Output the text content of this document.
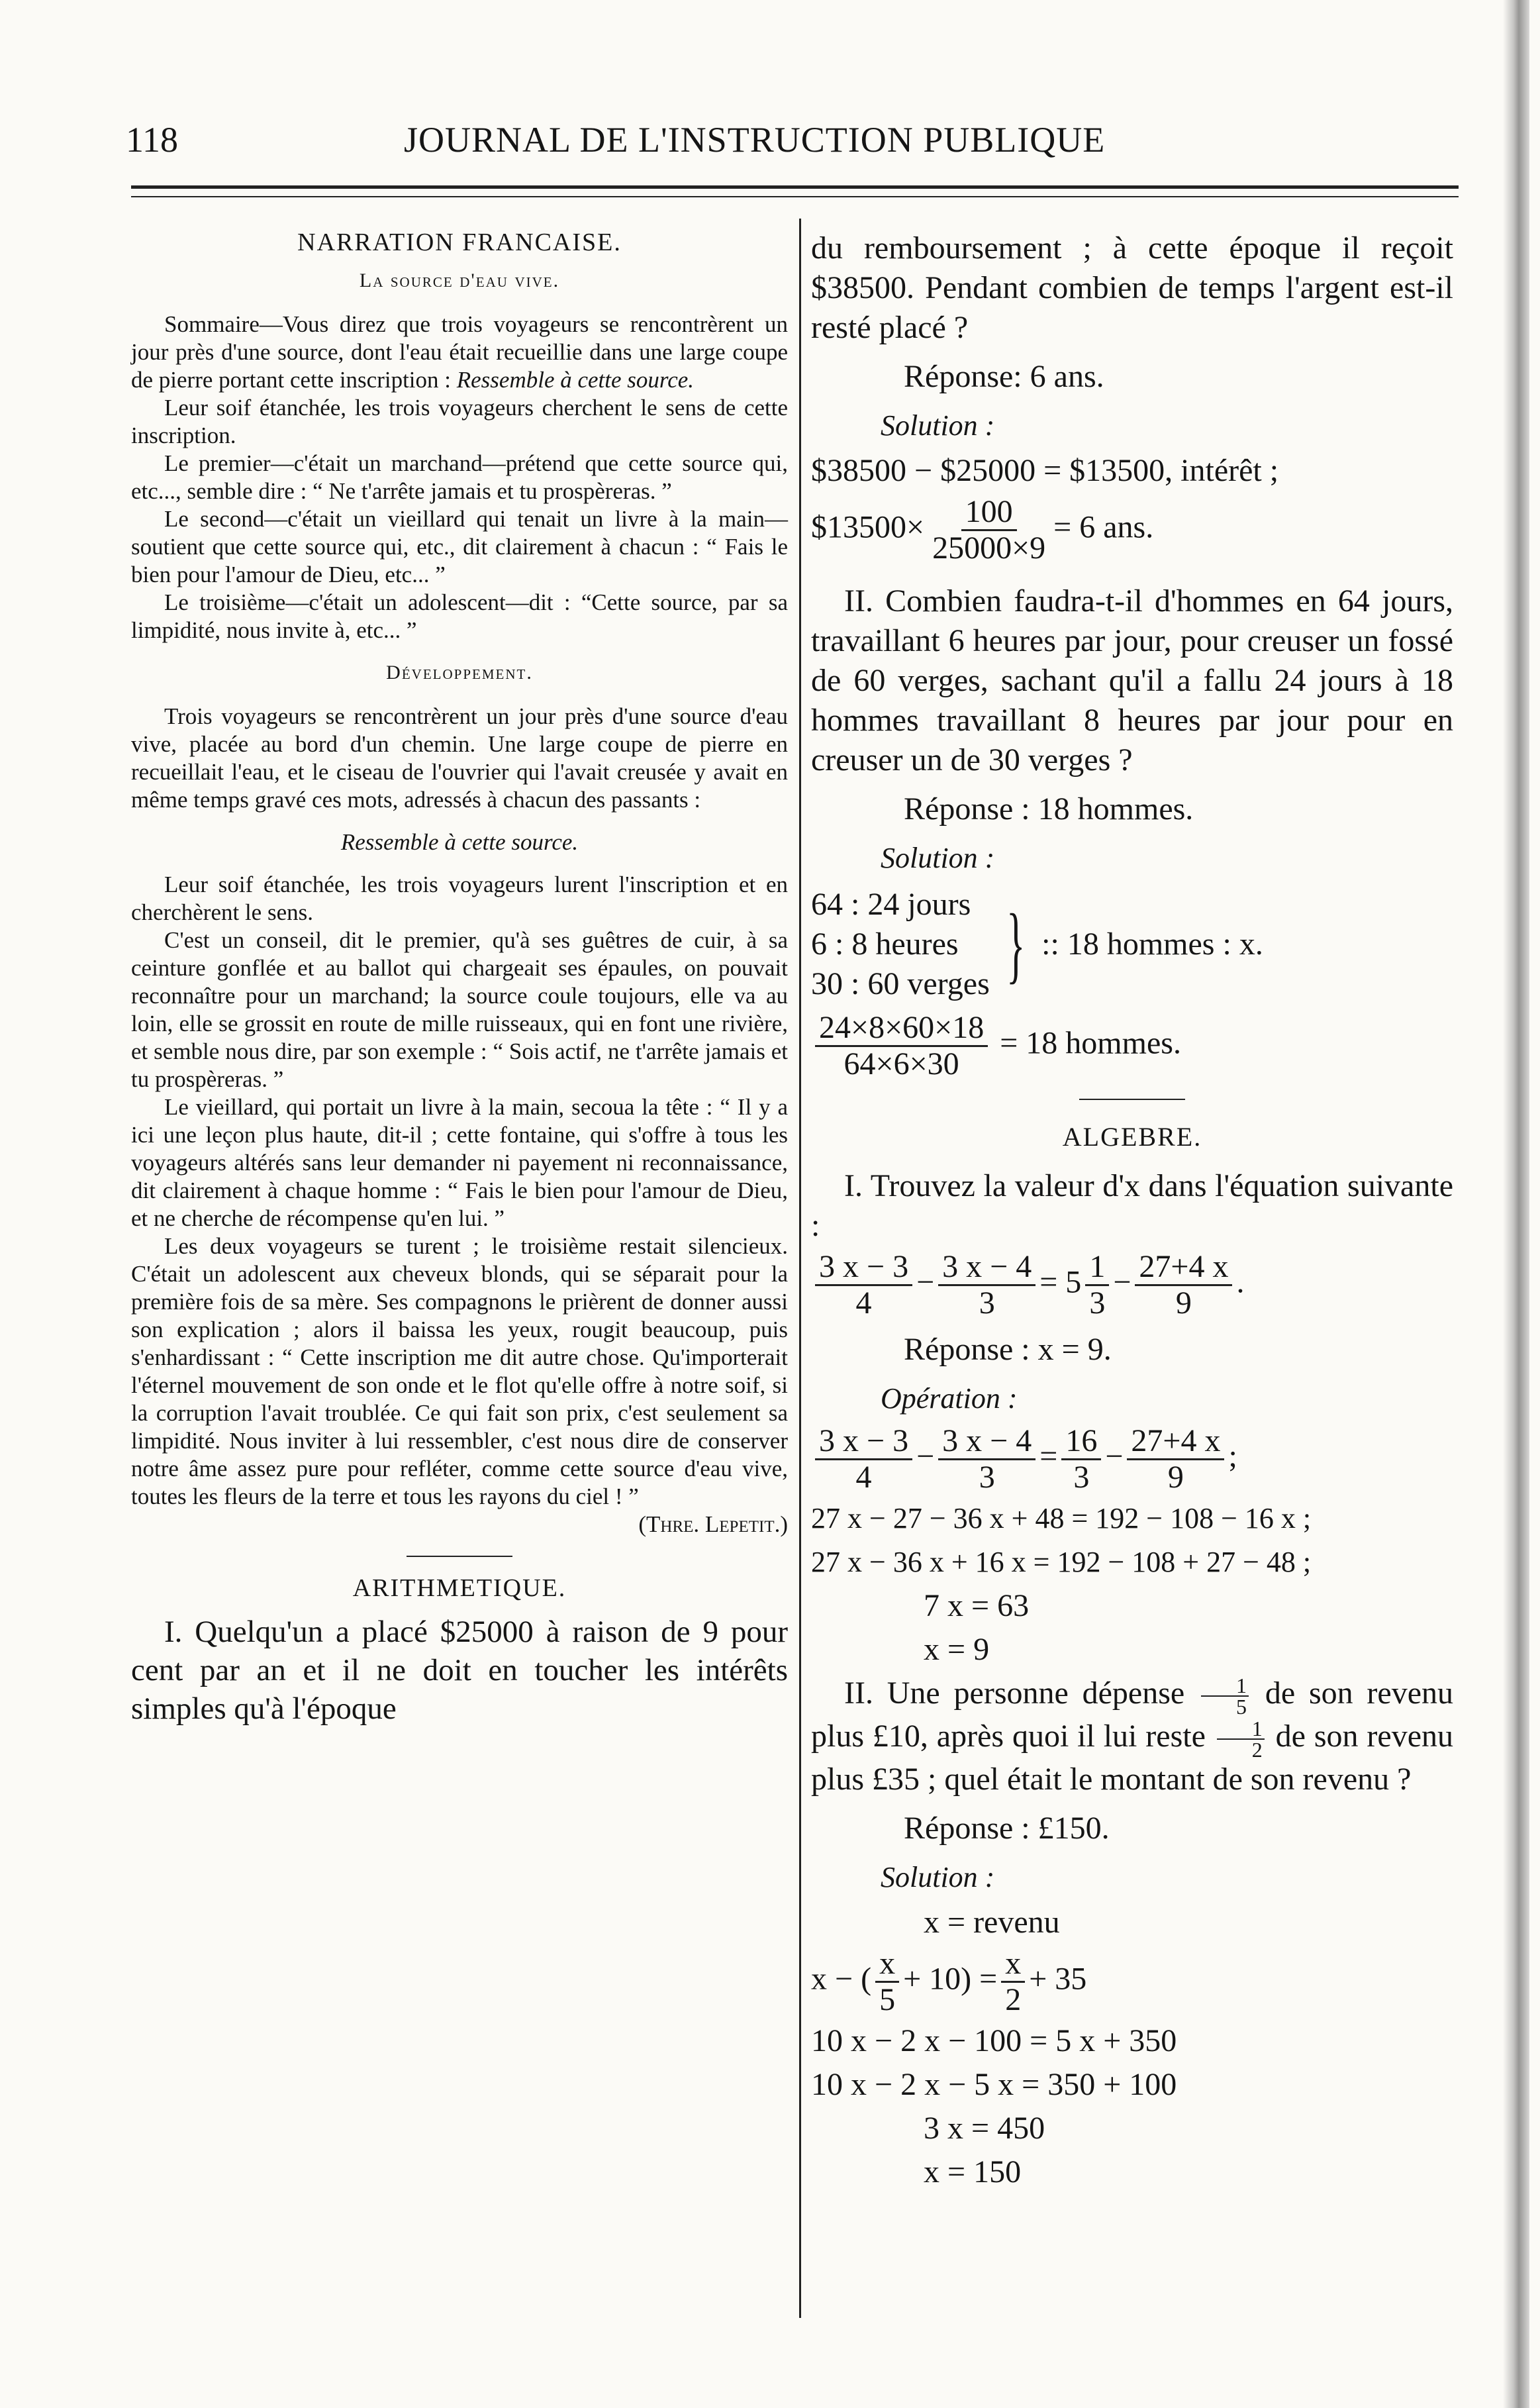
118	JOURNAL DE L'INSTRUCTION PUBLIQUE
NARRATION FRANCAISE.
La source d'eau vive.

Sommaire—Vous direz que trois voyageurs se rencontrèrent un jour près d'une source, dont l'eau était recueillie dans une large coupe de pierre portant cette inscription : Ressemble à cette source.

Leur soif étanchée, les trois voyageurs cherchent le sens de cette inscription.

Le premier—c'était un marchand—prétend que cette source qui, etc..., semble dire : “ Ne t'arrête jamais et tu prospèreras. ”

Le second—c'était un vieillard qui tenait un livre à la main—soutient que cette source qui, etc., dit clairement à chacun : “ Fais le bien pour l'amour de Dieu, etc... ”

Le troisième—c'était un adolescent—dit : “Cette source, par sa limpidité, nous invite à, etc... ”

Développement.

Trois voyageurs se rencontrèrent un jour près d'une source d'eau vive, placée au bord d'un chemin. Une large coupe de pierre en recueillait l'eau, et le ciseau de l'ouvrier qui l'avait creusée y avait en même temps gravé ces mots, adressés à chacun des passants :

Ressemble à cette source.

Leur soif étanchée, les trois voyageurs lurent l'inscription et en cherchèrent le sens.

C'est un conseil, dit le premier, qu'à ses guêtres de cuir, à sa ceinture gonflée et au ballot qui chargeait ses épaules, on pouvait reconnaître pour un marchand; la source coule toujours, elle va au loin, elle se grossit en route de mille ruisseaux, qui en font une rivière, et semble nous dire, par son exemple : “ Sois actif, ne t'arrête jamais et tu prospèreras. ”

Le vieillard, qui portait un livre à la main, secoua la tête : “ Il y a ici une leçon plus haute, dit-il ; cette fontaine, qui s'offre à tous les voyageurs altérés sans leur demander ni payement ni reconnaissance, dit clairement à chaque homme : “ Fais le bien pour l'amour de Dieu, et ne cherche de récompense qu'en lui. ”

Les deux voyageurs se turent ; le troisième restait silencieux. C'était un adolescent aux cheveux blonds, qui se séparait pour la première fois de sa mère. Ses compagnons le prièrent de donner aussi son explication ; alors il baissa les yeux, rougit beaucoup, puis s'enhardissant : “ Cette inscription me dit autre chose. Qu'importerait l'éternel mouvement de son onde et le flot qu'elle offre à notre soif, si la corruption l'avait troublée. Ce qui fait son prix, c'est seulement sa limpidité. Nous inviter à lui ressembler, c'est nous dire de conserver notre âme assez pure pour refléter, comme cette source d'eau vive, toutes les fleurs de la terre et tous les rayons du ciel ! ”

(Thre. Lepetit.)
ARITHMETIQUE.

I. Quelqu'un a placé $25000 à raison de 9 pour cent par an et il ne doit en toucher les intérêts simples qu'à l'époque

du remboursement ; à cette époque il reçoit $38500. Pendant combien de temps l'argent est-il resté placé ?

Réponse: 6 ans.
Solution :
$38500 − $25000 = $13500, intérêt ;
$13500× $\frac{100}{25000\times 9} = 6$ ans.

II. Combien faudra-t-il d'hommes en 64 jours, travaillant 6 heures par jour, pour creuser un fossé de 60 verges, sachant qu'il a fallu 24 jours à 18 hommes travaillant 8 heures par jour pour en creuser un de 30 verges ?

Réponse : 18 hommes.
Solution :
64 : 24 jours
6 : 8 heures
30 : 60 verges } :: 18 hommes : x.
$\frac{24\times 8\times 60\times 18}{64\times 6\times 30} = 18$ hommes.
ALGEBRE.

I. Trouvez la valeur d'x dans l'équation suivante :

$\frac{3 x - 3}{4} - \frac{3 x - 4}{3} = 5 \frac{1}{3} - \frac{27+4 x}{9}$ .
Réponse : x = 9.
Opération :
$\frac{3 x - 3}{4} - \frac{3 x - 4}{3} = \frac{16}{3} - \frac{27+4 x}{9}$ ;
27 x − 27 − 36 x + 48 = 192 − 108 − 16 x ;
27 x − 36 x + 16 x = 192 − 108 + 27 − 48 ;
7 x = 63
x = 9

II. Une personne dépense $\frac{1}{5}$ de son revenu plus £10, après quoi il lui reste $\frac{1}{2}$ de son revenu plus £35 ; quel était le montant de son revenu ?

Réponse : £150.
Solution :
x = revenu
x − ( $\frac{x}{5} + 10) = \frac{x}{2} + 35$
10 x − 2 x − 100 = 5 x + 350
10 x − 2 x − 5 x = 350 + 100
3 x = 450
x = 150
